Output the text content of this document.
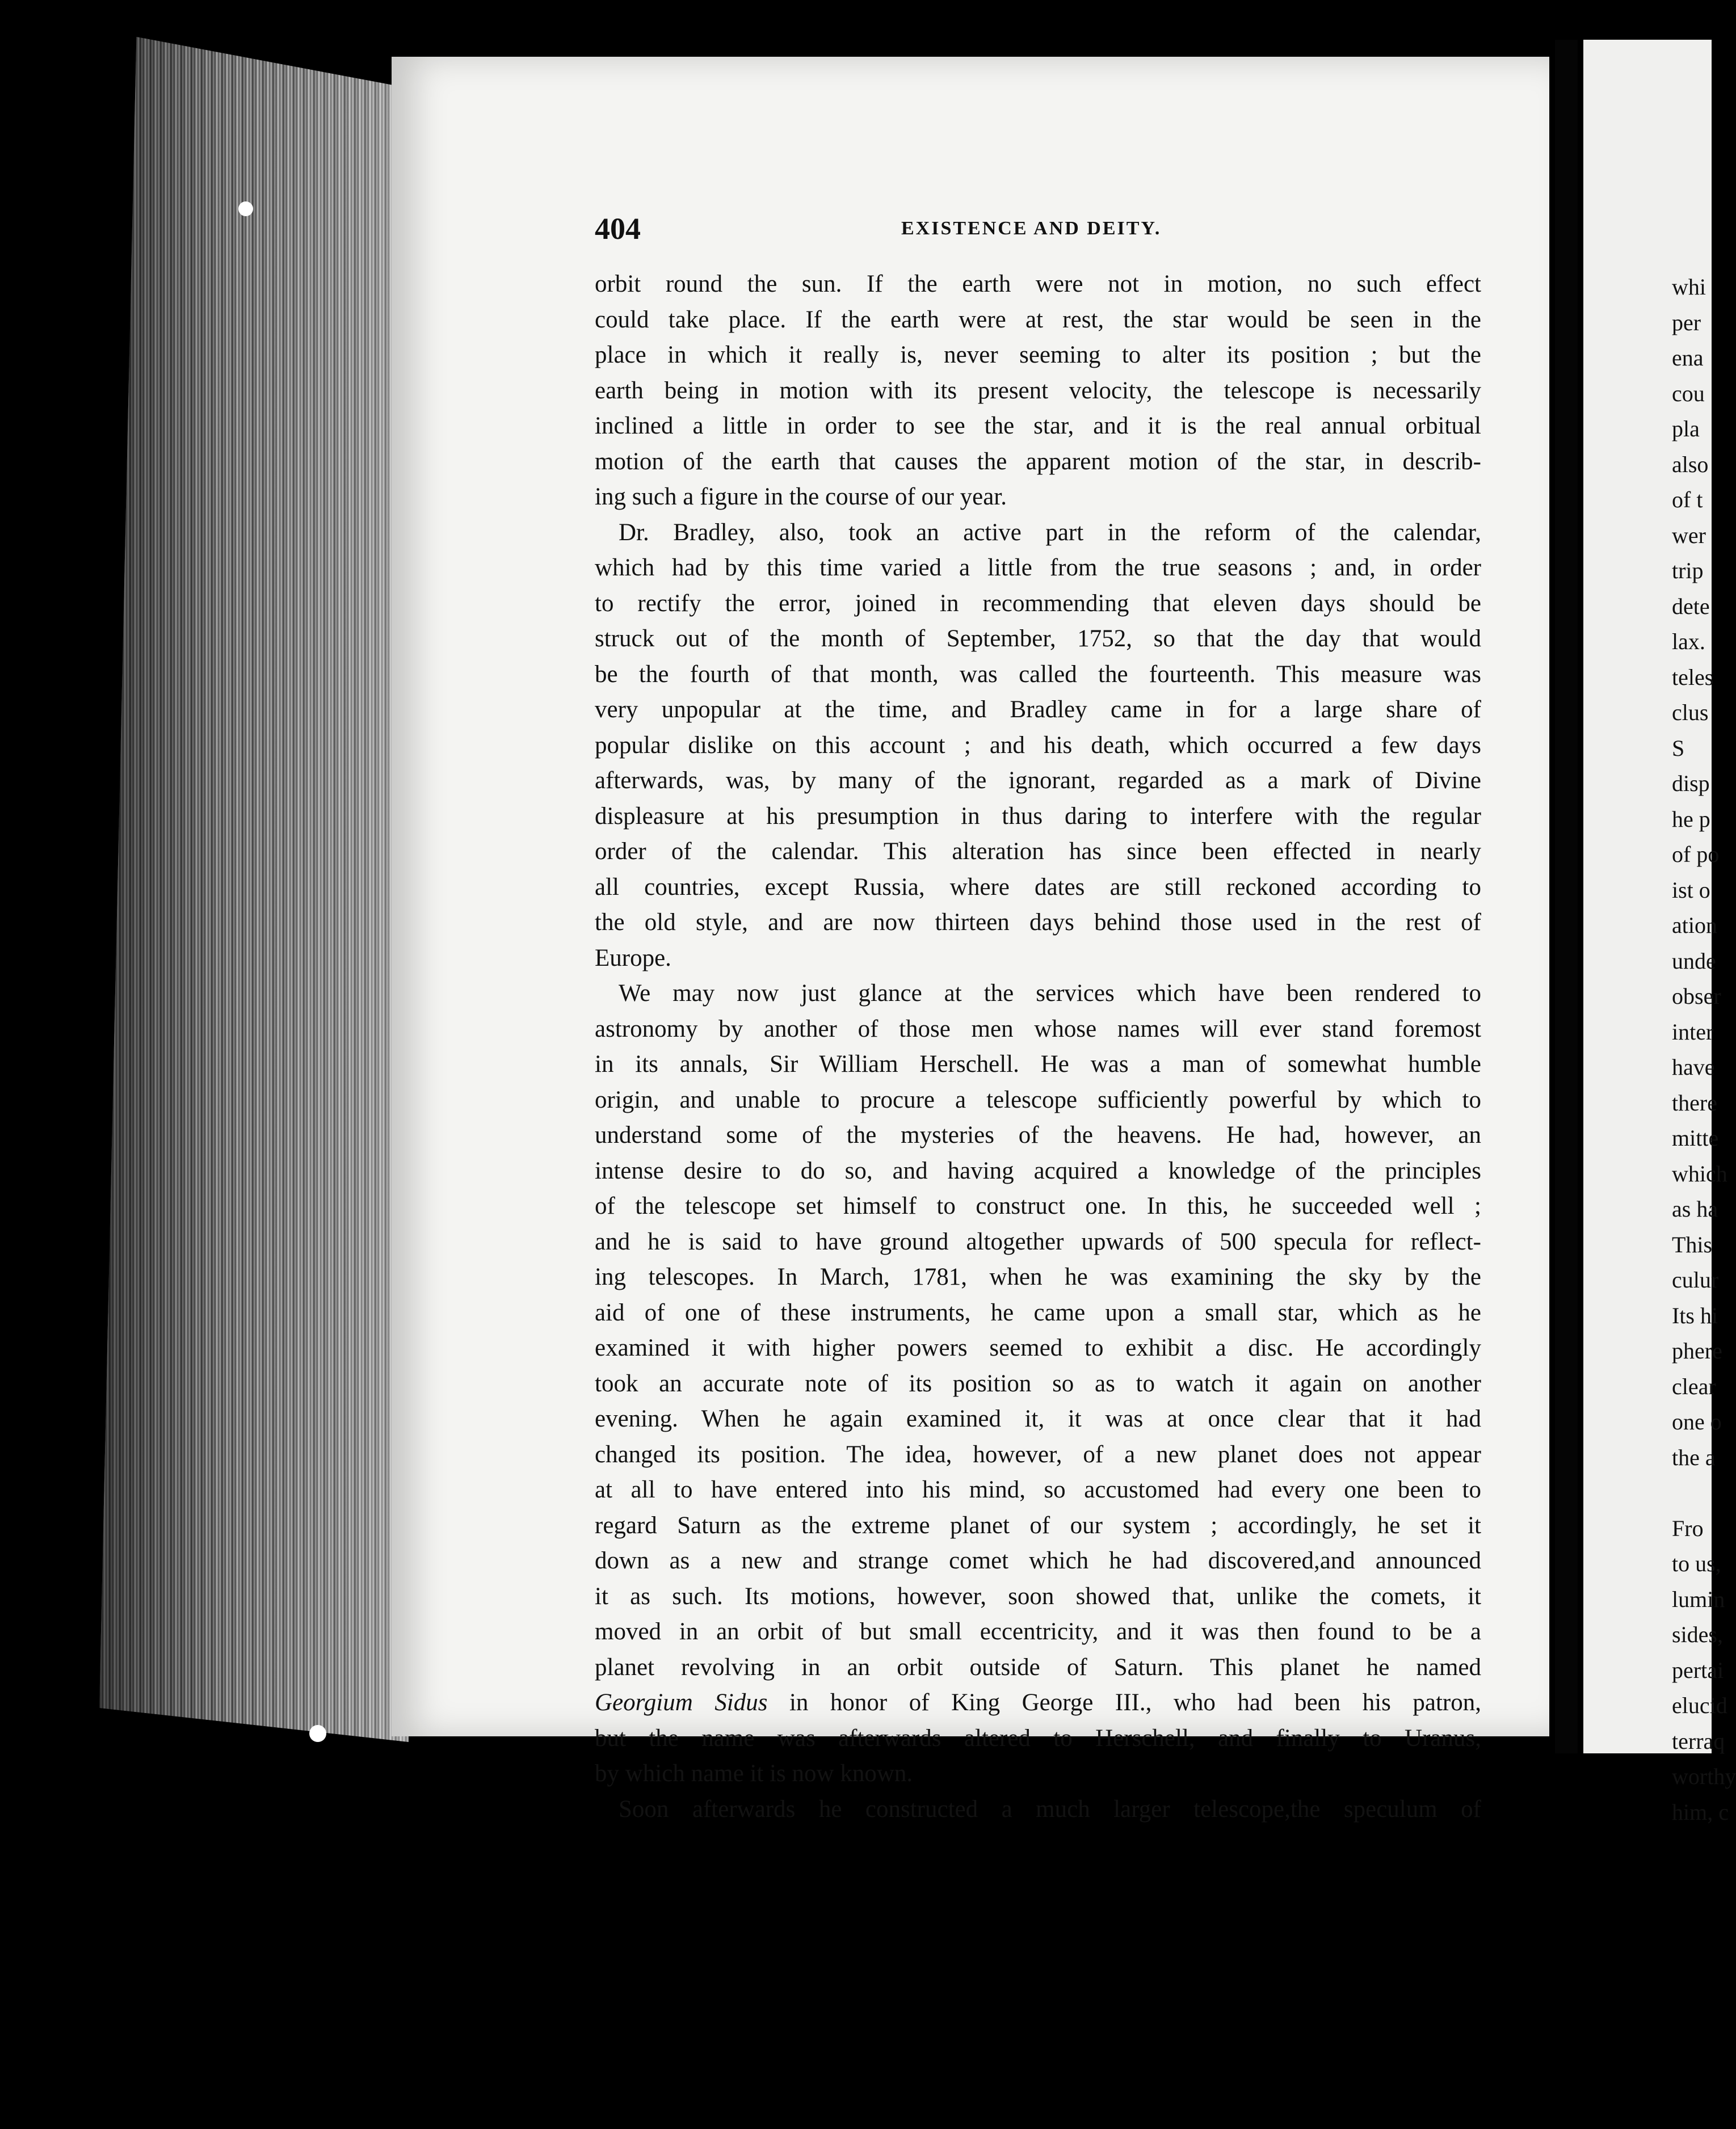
404	EXISTENCE AND DEITY.
orbit round the sun. If the earth were not in motion, no such effect
could take place. If the earth were at rest, the star would be seen in the
place in which it really is, never seeming to alter its position ; but the
earth being in motion with its present velocity, the telescope is necessarily
inclined a little in order to see the star, and it is the real annual orbitual
motion of the earth that causes the apparent motion of the star, in describ-
ing such a figure in the course of our year.
Dr. Bradley, also, took an active part in the reform of the calendar,
which had by this time varied a little from the true seasons ; and, in order
to rectify the error, joined in recommending that eleven days should be
struck out of the month of September, 1752, so that the day that would
be the fourth of that month, was called the fourteenth. This measure was
very unpopular at the time, and Bradley came in for a large share of
popular dislike on this account ; and his death, which occurred a few days
afterwards, was, by many of the ignorant, regarded as a mark of Divine
displeasure at his presumption in thus daring to interfere with the regular
order of the calendar. This alteration has since been effected in nearly
all countries, except Russia, where dates are still reckoned according to
the old style, and are now thirteen days behind those used in the rest of
Europe.
We may now just glance at the services which have been rendered to
astronomy by another of those men whose names will ever stand foremost
in its annals, Sir William Herschell. He was a man of somewhat humble
origin, and unable to procure a telescope sufficiently powerful by which to
understand some of the mysteries of the heavens. He had, however, an
intense desire to do so, and having acquired a knowledge of the principles
of the telescope set himself to construct one. In this, he succeeded well ;
and he is said to have ground altogether upwards of 500 specula for reflect-
ing telescopes. In March, 1781, when he was examining the sky by the
aid of one of these instruments, he came upon a small star, which as he
examined it with higher powers seemed to exhibit a disc. He accordingly
took an accurate note of its position so as to watch it again on another
evening. When he again examined it, it was at once clear that it had
changed its position. The idea, however, of a new planet does not appear
at all to have entered into his mind, so accustomed had every one been to
regard Saturn as the extreme planet of our system ; accordingly, he set it
down as a new and strange comet which he had discovered,and announced
it as such. Its motions, however, soon showed that, unlike the comets, it
moved in an orbit of but small eccentricity, and it was then found to be a
planet revolving in an orbit outside of Saturn. This planet he named
Georgium Sidus in honor of King George III., who had been his patron,
but the name was afterwards altered to Herschell, and finally to Uranus,
by which name it is now known.
Soon afterwards he constructed a much larger telescope,the speculum of
whi
per
ena
cou
pla
also
of t
wer
trip
dete
lax.
teles
clus
S
disp
he p
of po
ist o
ation
unde
obser
inter
have
there
mitte
which
as ha
This
culur
Its hi
phere
clear
one o
the a
Fro
to us,
lumin
sides,
pertai
elucid
terraq
worthy
him, c
